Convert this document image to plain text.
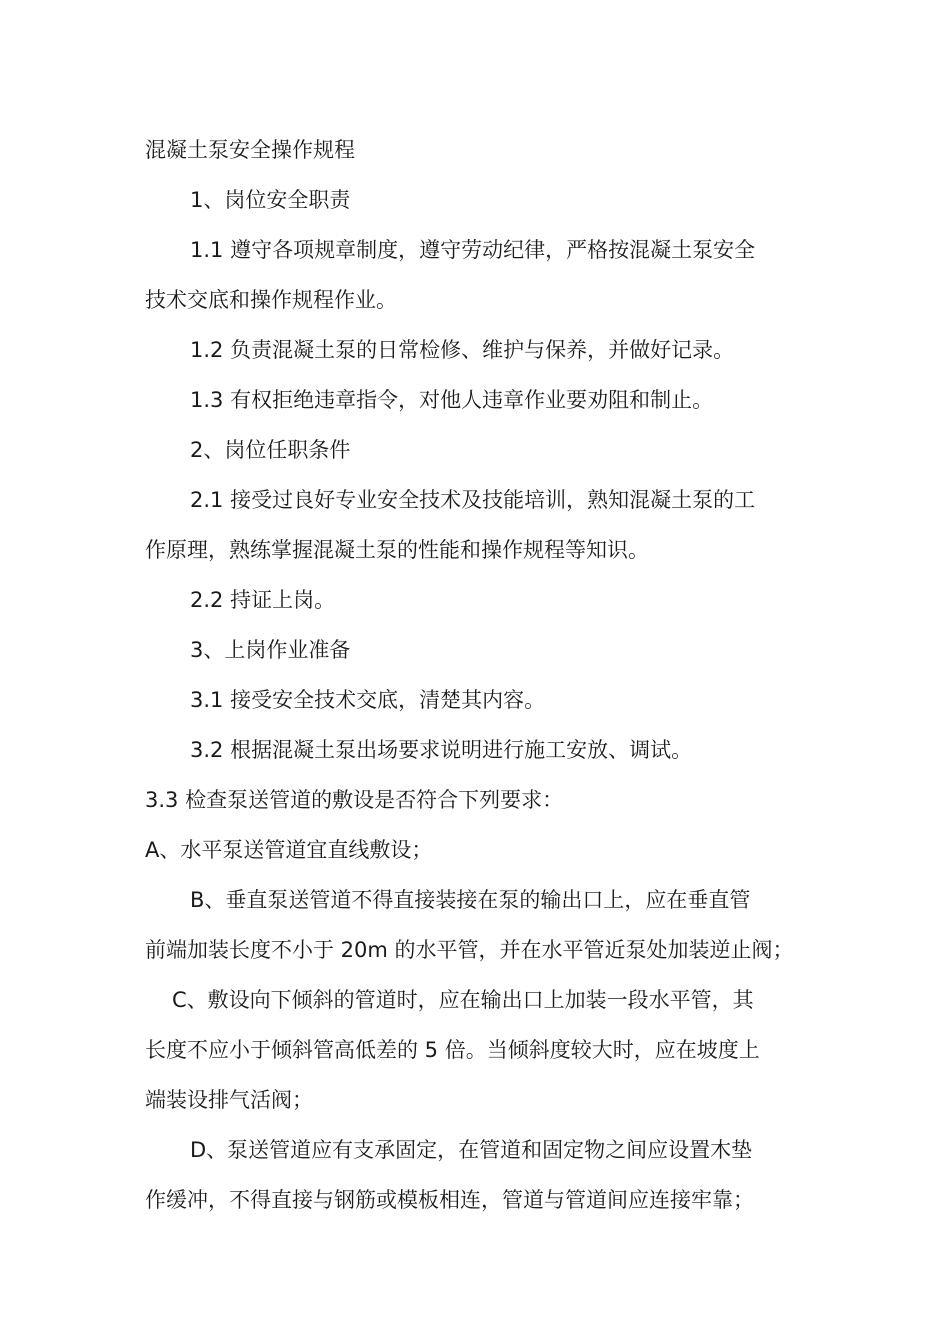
混凝土泵安全操作规程
1、岗位安全职责
1.1 遵守各项规章制度，遵守劳动纪律，严格按混凝土泵安全
技术交底和操作规程作业。
1.2 负责混凝土泵的日常检修、维护与保养，并做好记录。
1.3 有权拒绝违章指令，对他人违章作业要劝阻和制止。
2、岗位任职条件
2.1 接受过良好专业安全技术及技能培训，熟知混凝土泵的工
作原理，熟练掌握混凝土泵的性能和操作规程等知识。
2.2 持证上岗。
3、上岗作业准备
3.1 接受安全技术交底，清楚其内容。
3.2 根据混凝土泵出场要求说明进行施工安放、调试。
3.3 检查泵送管道的敷设是否符合下列要求：
A、水平泵送管道宜直线敷设；
B、垂直泵送管道不得直接装接在泵的输出口上，应在垂直管
前端加装长度不小于 20m 的水平管，并在水平管近泵处加装逆止阀；
C、敷设向下倾斜的管道时，应在输出口上加装一段水平管，其
长度不应小于倾斜管高低差的 5 倍。当倾斜度较大时，应在坡度上
端装设排气活阀；
D、泵送管道应有支承固定，在管道和固定物之间应设置木垫
作缓冲，不得直接与钢筋或模板相连，管道与管道间应连接牢靠；
